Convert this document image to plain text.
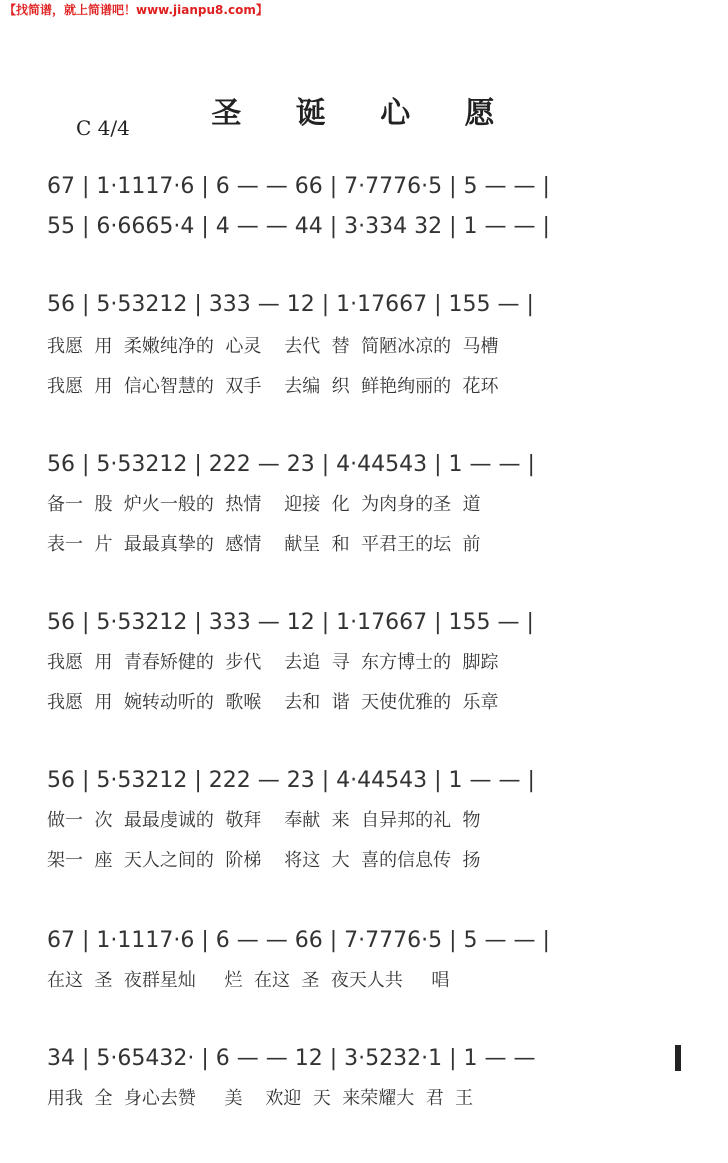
【找简谱，就上简谱吧！www.jianpu8.com】
圣 诞 心 愿
C 4/4
67 | 1·1117·6 | 6 — — 66 | 7·7776·5 | 5 — — |
55 | 6·6665·4 | 4 — — 44 | 3·334 32 | 1 — — |
56 | 5·53212 | 333 — 12 | 1·17667 | 155 — |
我愿  用  柔嫩纯净的  心灵    去代  替  简陋冰凉的  马槽
我愿  用  信心智慧的  双手    去编  织  鲜艳绚丽的  花环
56 | 5·53212 | 222 — 23 | 4·44543 | 1 — — |
备一  股  炉火一般的  热情    迎接  化  为肉身的圣  道
表一  片  最最真挚的  感情    献呈  和  平君王的坛  前
56 | 5·53212 | 333 — 12 | 1·17667 | 155 — |
我愿  用  青春矫健的  步代    去追  寻  东方博士的  脚踪
我愿  用  婉转动听的  歌喉    去和  谐  天使优雅的  乐章
56 | 5·53212 | 222 — 23 | 4·44543 | 1 — — |
做一  次  最最虔诚的  敬拜    奉献  来  自异邦的礼  物
架一  座  天人之间的  阶梯    将这  大  喜的信息传  扬
67 | 1·1117·6 | 6 — — 66 | 7·7776·5 | 5 — — |
在这  圣  夜群星灿     烂  在这  圣  夜天人共     唱
34 | 5·65432· | 6 — — 12 | 3·5232·1 | 1 — —
用我  全  身心去赞     美    欢迎  天  来荣耀大  君  王
